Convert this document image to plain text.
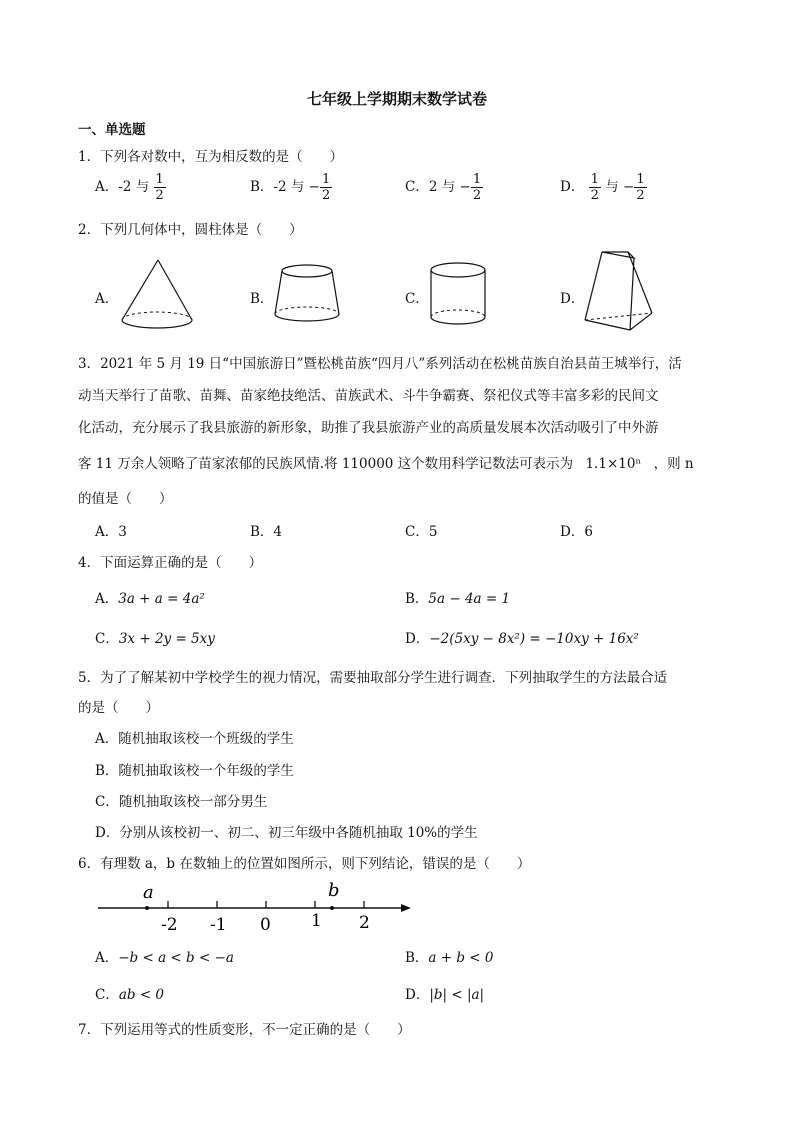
七年级上学期期末数学试卷
一、单选题
1．下列各对数中，互为相反数的是（　　）
A．-2 与 $\frac{1}{2}$	B．-2 与 − $\frac{1}{2}$	C．2 与 − $\frac{1}{2}$	D． $\frac{1}{2}$ 与 − $\frac{1}{2}$
2．下列几何体中，圆柱体是（　　）
A．	B．	C．	D．
3．2021 年 5 月 19 日“中国旅游日”暨松桃苗族“四月八”系列活动在松桃苗族自治县苗王城举行，活
动当天举行了苗歌、苗舞、苗家绝技绝活、苗族武术、斗牛争霸赛、祭祀仪式等丰富多彩的民间文
化活动，充分展示了我县旅游的新形象，助推了我县旅游产业的高质量发展本次活动吸引了中外游
客 11 万余人领略了苗家浓郁的民族风情.将 110000 这个数用科学记数法可表示为 1.1×10ⁿ ，则 n
的值是（　　）
A．3	B．4	C．5	D．6
4．下面运算正确的是（　　）
A．3a + a = 4a²	B．5a − 4a = 1
C．3x + 2y = 5xy	D．−2(5xy − 8x²) = −10xy + 16x²
5．为了了解某初中学校学生的视力情况，需要抽取部分学生进行调查．下列抽取学生的方法最合适
的是（　　）
A．随机抽取该校一个班级的学生
B．随机抽取该校一个年级的学生
C．随机抽取该校一部分男生
D．分别从该校初一、初二、初三年级中各随机抽取 10%的学生
6．有理数 a，b 在数轴上的位置如图所示，则下列结论，错误的是（　　）
-2 -1 0 1 2
a	b
A．−b < a < b < −a	B．a + b < 0
C．ab < 0	D．|b| < |a|
7．下列运用等式的性质变形，不一定正确的是（　　）
